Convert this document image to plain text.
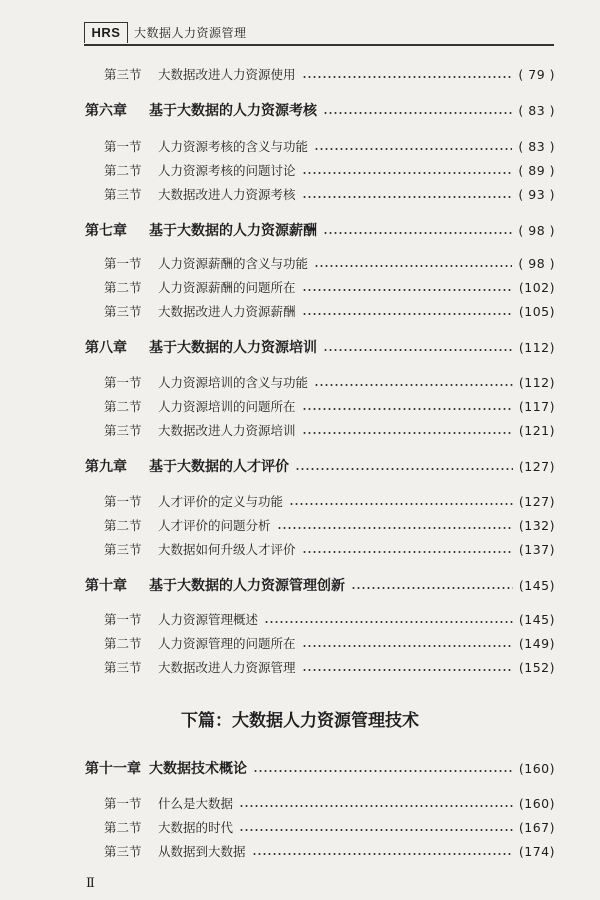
HRS	大数据人力资源管理
第三节	大数据改进人力资源使用	( 79 )
第六章	基于大数据的人力资源考核	( 83 )
第一节	人力资源考核的含义与功能	( 83 )
第二节	人力资源考核的问题讨论	( 89 )
第三节	大数据改进人力资源考核	( 93 )
第七章	基于大数据的人力资源薪酬	( 98 )
第一节	人力资源薪酬的含义与功能	( 98 )
第二节	人力资源薪酬的问题所在	(102)
第三节	大数据改进人力资源薪酬	(105)
第八章	基于大数据的人力资源培训	(112)
第一节	人力资源培训的含义与功能	(112)
第二节	人力资源培训的问题所在	(117)
第三节	大数据改进人力资源培训	(121)
第九章	基于大数据的人才评价	(127)
第一节	人才评价的定义与功能	(127)
第二节	人才评价的问题分析	(132)
第三节	大数据如何升级人才评价	(137)
第十章	基于大数据的人力资源管理创新	(145)
第一节	人力资源管理概述	(145)
第二节	人力资源管理的问题所在	(149)
第三节	大数据改进人力资源管理	(152)
第十一章 大数据技术概论	(160)
第一节	什么是大数据	(160)
第二节	大数据的时代	(167)
第三节	从数据到大数据	(174)
下篇：大数据人力资源管理技术
Ⅱ
